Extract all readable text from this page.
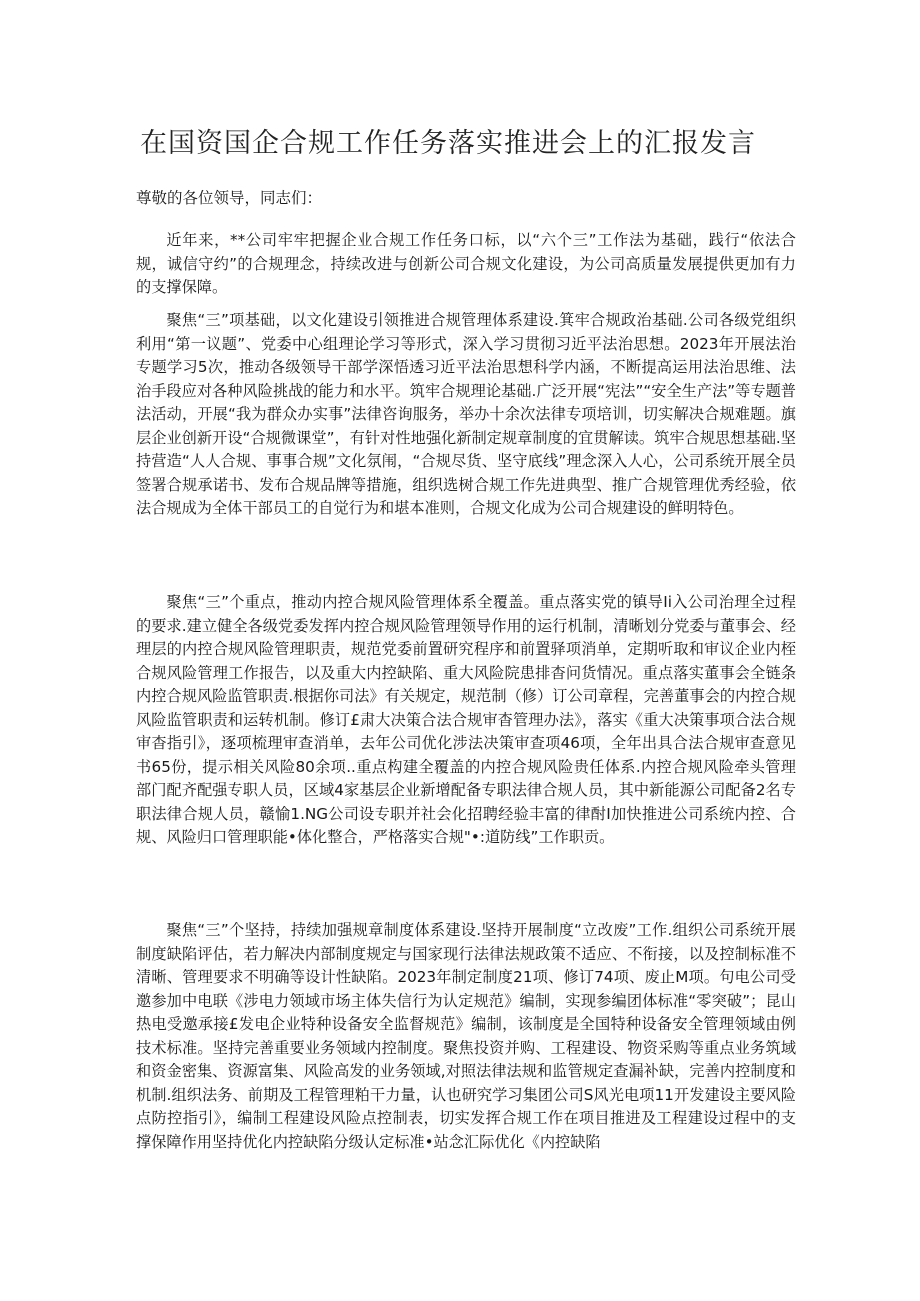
在国资国企合规工作任务落实推进会上的汇报发言
尊敬的各位领导，同志们：

近年来，**公司牢牢把握企业合规工作任务口标，以“六个三”工作法为基础，践行“依法合规，诚信守约”的合规理念，持续改进与创新公司合规文化建设，为公司高质量发展提供更加有力的支撑保障。

聚焦“三”项基础，以文化建设引领推进合规管理体系建设.箕牢合规政治基础.公司各级党组织利用“第一议题”、党委中心组理论学习等形式，深入学习贯彻习近平法治思想。2023年开展法治专题学习5次，推动各级领导干部学深悟透习近平法治思想科学内涵，不断提高运用法治思维、法治手段应对各种风险挑战的能力和水平。筑牢合规理论基础.广泛开展“宪法”“安全生产法”等专题普法活动，开展“我为群众办实事”法律咨询服务，举办十余次法律专项培训，切实解决合规难题。旗层企业创新开设“合规微课堂”，有针对性地强化新制定规章制度的宜贯解读。筑牢合规思想基础.坚持营造“人人合规、事事合规”文化氛闱，“合规尽货、坚守底线”理念深入人心，公司系统开展全员签署合规承诺书、发布合规品牌等措施，组织选树合规工作先进典型、推广合规管理优秀经验，依法合规成为全体干部员工的自觉行为和堪本准则，合规文化成为公司合规建设的鲜明特色。

聚焦“三”个重点，推动内控合规风险管理体系全覆盖。重点落实党的镇导Ii入公司治理全过程的要求.建立健全各级党委发挥内控合规风险管理领导作用的运行机制，清晰划分党委与董事会、经理层的内控合规风险管理职责，规范党委前置研究程序和前置驿项消单，定期听取和审议企业内桎合规风险管理工作报告，以及重大内控缺陷、重大风险院患排杳问货情况。重点落实董事会全链条内控合规风险监管职责.根据你司法》有关规定，规范制（修）订公司章程，完善董事会的内控合规风险监管职责和运转机制。修订£肃大决策合法合规审杳管理办法》，落实《重大决策事项合法合规审杳指引》，逐项梳理审查消单，去年公司优化涉法决策审查项46项，全年出具合法合规审查意见书65份，提示相关风险80余项..重点构建全覆盖的内控合规风险贵任体系.内控合规风险牵头管理部门配齐配强专职人员，区域4家基层企业新增配备专职法律合规人员，其中新能源公司配备2名专职法律合规人员，赣愉1.NG公司设专职并社会化招聘经验丰富的律酎I加快推进公司系统内控、合规、风险归口管理职能•体化整合，严格落实合规"•:道防线”工作职贡。

聚焦“三”个坚持，持续加强规章制度体系建设.坚持开展制度“立改废”工作.组织公司系统开展制度缺陷评估，若力解决内部制度规定与国家现行法律法规政策不适应、不衔接，以及控制标准不清晰、管理要求不明确等设计性缺陷。2023年制定制度21项、修订74项、废止M项。句电公司受邀参加中电联《涉电力领域市场主体失信行为认定规范》编制，实现参编团体标准“零突破”；昆山热电受邀承接£发电企业特种设备安全监督规范》编制，该制度是全国特种设备安全管理领域由例技术标准。坚持完善重要业务领域内控制度。聚焦投资并购、工程建设、物资采购等重点业务筑域和资金密集、资源富集、风险高发的业务领域,对照法律法规和监管规定查漏补缺，完善内控制度和机制.组织法务、前期及工程管理粕干力量，认也研究学习集团公司S风光电项11开发建设主要风险点防控指引》，编制工程建设风险点控制表，切实发挥合规工作在项目推进及工程建设过程中的支撑保障作用坚持优化内控缺陷分级认定标准•站念汇际优化《内控缺陷
